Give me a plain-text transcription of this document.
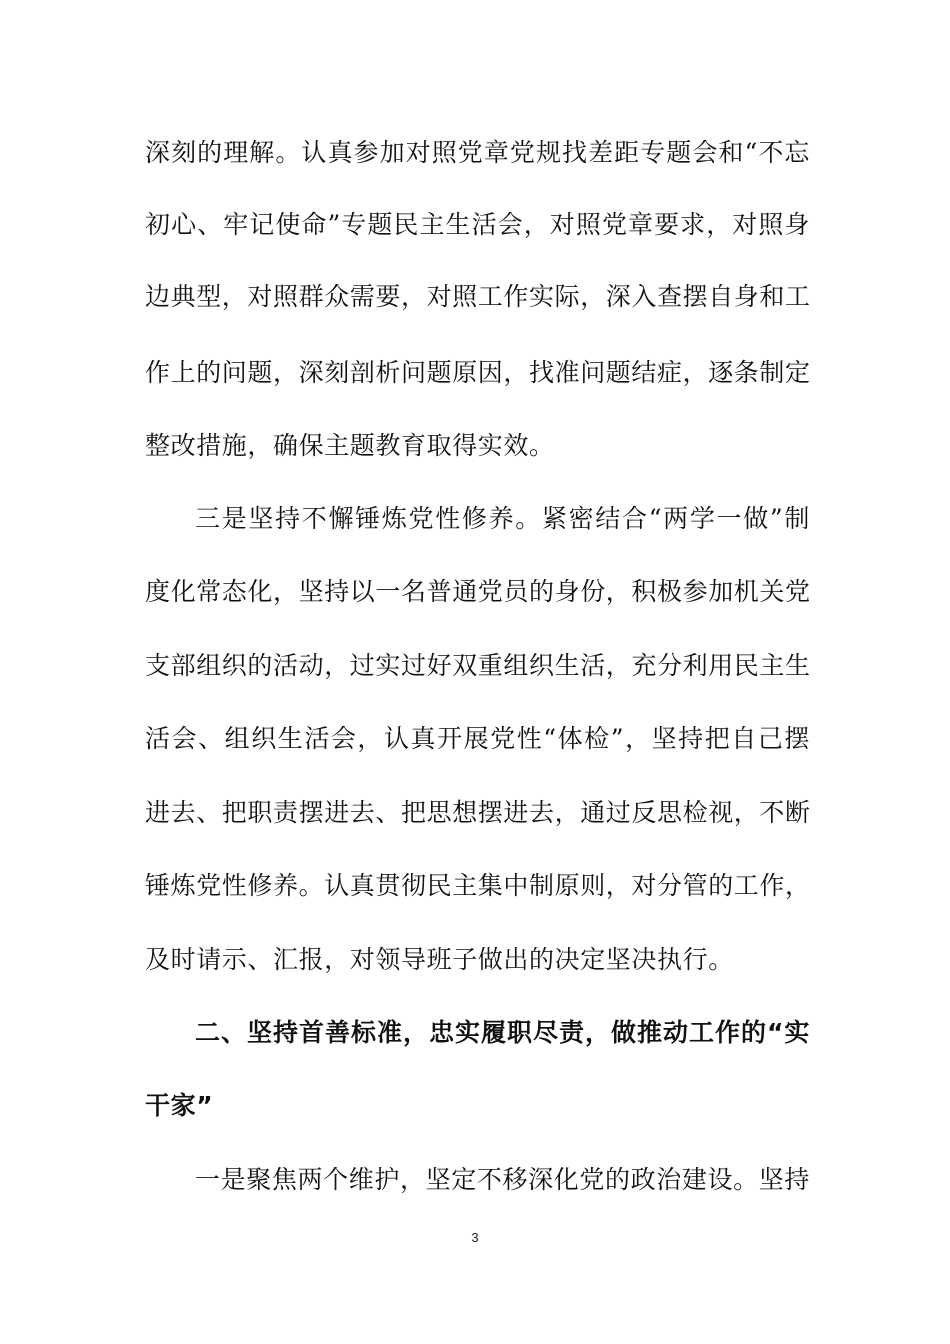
深刻的理解。认真参加对照党章党规找差距专题会和“不忘
初心、牢记使命”专题民主生活会，对照党章要求，对照身
边典型，对照群众需要，对照工作实际，深入查摆自身和工
作上的问题，深刻剖析问题原因，找准问题结症，逐条制定
整改措施，确保主题教育取得实效。
三是坚持不懈锤炼党性修养。紧密结合“两学一做”制
度化常态化，坚持以一名普通党员的身份，积极参加机关党
支部组织的活动，过实过好双重组织生活，充分利用民主生
活会、组织生活会，认真开展党性“体检”，坚持把自己摆
进去、把职责摆进去、把思想摆进去，通过反思检视，不断
锤炼党性修养。认真贯彻民主集中制原则，对分管的工作，
及时请示、汇报，对领导班子做出的决定坚决执行。
二、坚持首善标准，忠实履职尽责，做推动工作的“实
干家”
一是聚焦两个维护，坚定不移深化党的政治建设。坚持
3
